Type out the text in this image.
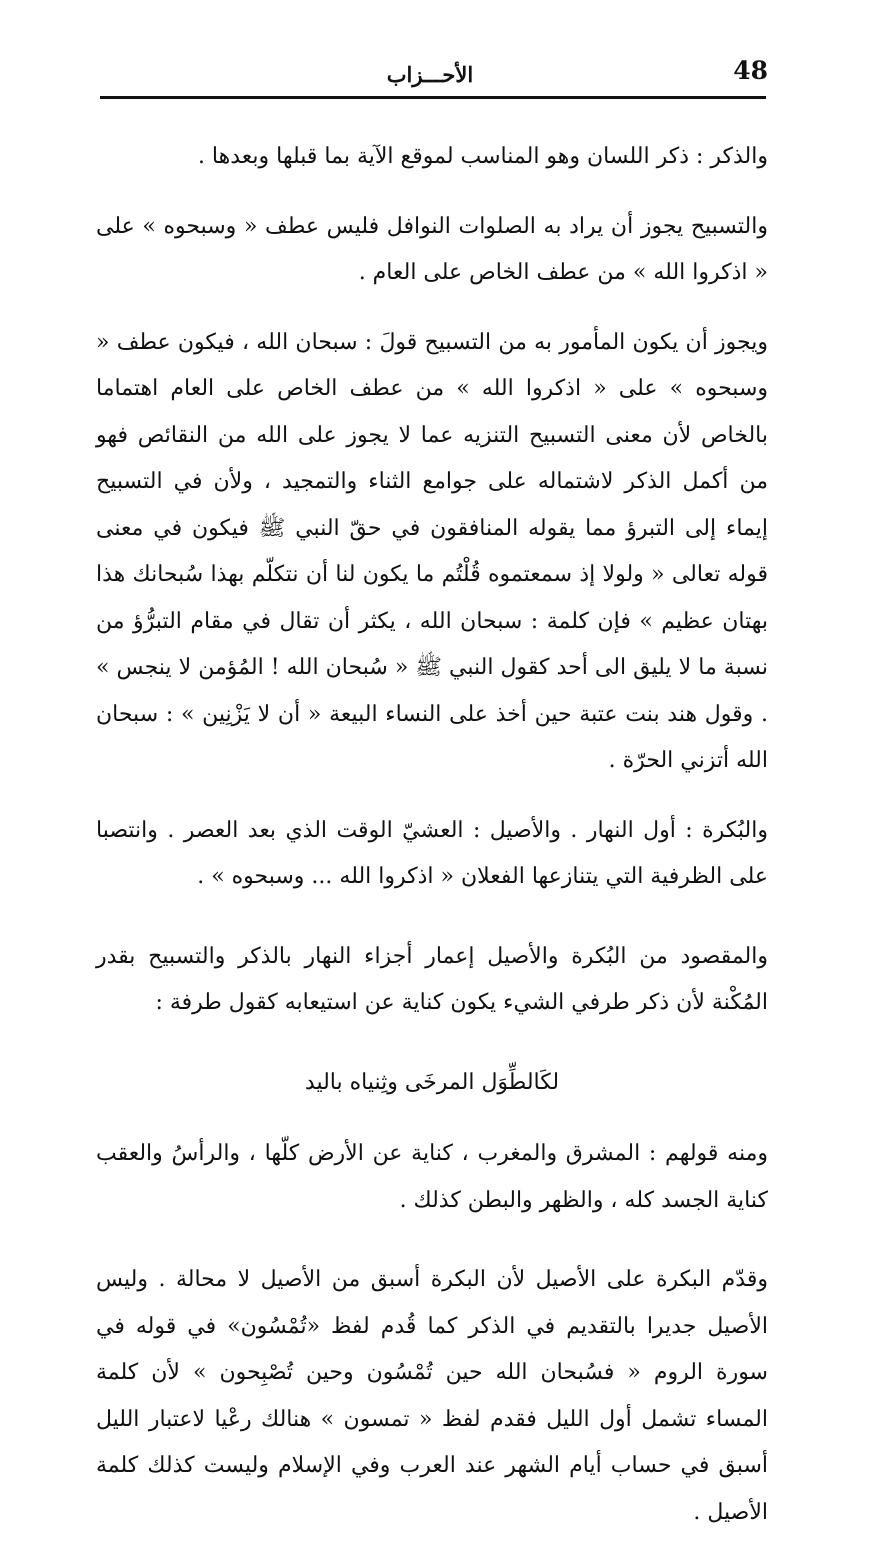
48
الأحـــزاب

والذكر : ذكر اللسان وهو المناسب لموقع الآية بما قبلها وبعدها .

والتسبيح يجوز أن يراد به الصلوات النوافل فليس عطف « وسبحوه » على « اذكروا الله » من عطف الخاص على العام .

ويجوز أن يكون المأمور به من التسبيح قولَ : سبحان الله ، فيكون عطف « وسبحوه » على « اذكروا الله » من عطف الخاص على العام اهتماما بالخاص لأن معنى التسبيح التنزيه عما لا يجوز على الله من النقائص فهو من أكمل الذكر لاشتماله على جوامع الثناء والتمجيد ، ولأن في التسبيح إيماء إلى التبرؤ مما يقوله المنافقون في حقّ النبي ﷺ فيكون في معنى قوله تعالى « ولولا إذ سمعتموه قُلْتُم ما يكون لنا أن نتكلّم بهذا سُبحانك هذا بهتان عظيم » فإن كلمة : سبحان الله ، يكثر أن تقال في مقام التبرُّؤ من نسبة ما لا يليق الى أحد كقول النبي ﷺ « سُبحان الله ! المُؤمن لا ينجس » . وقول هند بنت عتبة حين أخذ على النساء البيعة « أن لا يَزْنِين » : سبحان الله أتزني الحرّة .

والبُكرة : أول النهار . والأصيل : العشيّ الوقت الذي بعد العصر . وانتصبا على الظرفية التي يتنازعها الفعلان « اذكروا الله ... وسبحوه » .

والمقصود من البُكرة والأصيل إعمار أجزاء النهار بالذكر والتسبيح بقدر المُكْنة لأن ذكر طرفي الشيء يكون كناية عن استيعابه كقول طرفة :

لكَالطِّوَل المرخَى وثِنياه باليد

ومنه قولهم : المشرق والمغرب ، كناية عن الأرض كلّها ، والرأسُ والعقب كناية الجسد كله ، والظهر والبطن كذلك .

وقدّم البكرة على الأصيل لأن البكرة أسبق من الأصيل لا محالة . وليس الأصيل جديرا بالتقديم في الذكر كما قُدم لفظ «تُمْسُون» في قوله في سورة الروم « فسُبحان الله حين تُمْسُون وحين تُصْبِحون » لأن كلمة المساء تشمل أول الليل فقدم لفظ « تمسون » هنالك رعْيا لاعتبار الليل أسبق في حساب أيام الشهر عند العرب وفي الإسلام وليست كذلك كلمة الأصيل .
